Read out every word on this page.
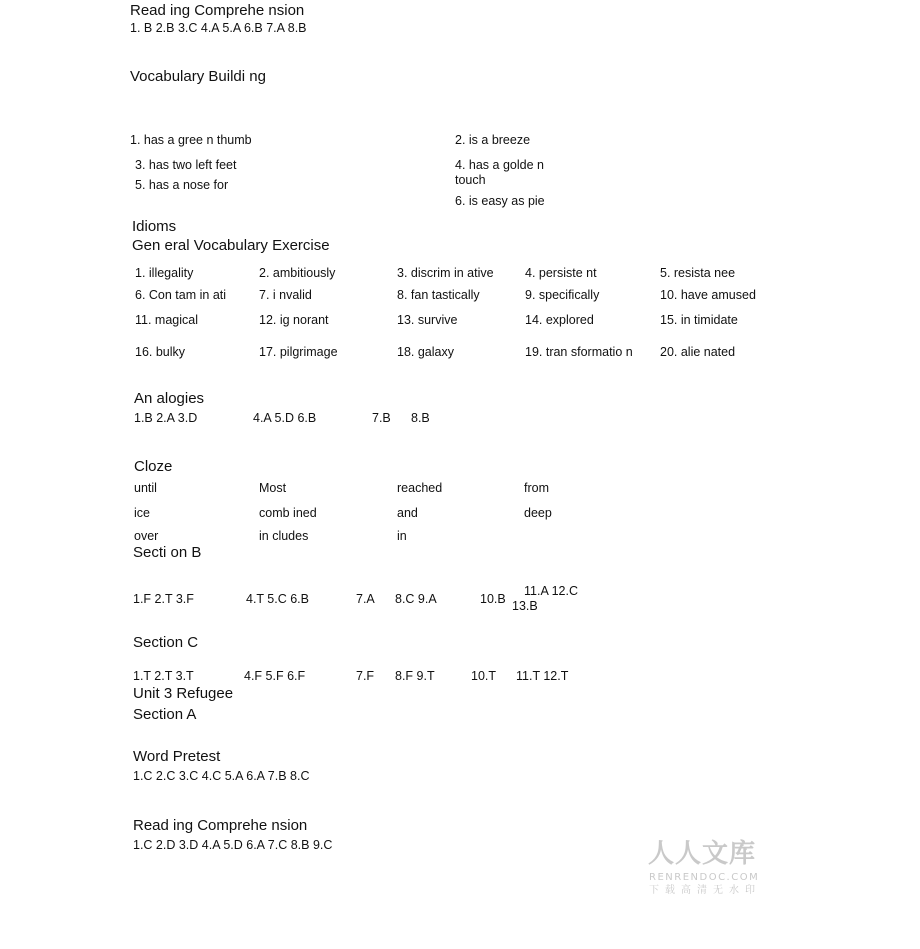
Read ing Comprehe nsion
1. B 2.B 3.C 4.A 5.A 6.B 7.A 8.B
Vocabulary Buildi ng
1. has a gree n thumb	2. is a breeze
3. has two left feet	4. has a golde n
touch
5. has a nose for
6. is easy as pie
Idioms
Gen eral Vocabulary Exercise
1. illegality	2. ambitiously	3. discrim in ative	4. persiste nt	5. resista nee
6. Con tam in ati	7. i nvalid	8. fan tastically	9. specifically	10. have amused
11. magical	12. ig norant	13. survive	14. explored	15. in timidate
16. bulky	17. pilgrimage	18. galaxy	19. tran sformatio n 20. alie nated
An alogies
1.B 2.A 3.D	4.A 5.D 6.B	7.B 8.B
Cloze
until	Most	reached	from
ice	comb ined	and	deep
over	in cludes	in
Secti on B
1.F 2.T 3.F	4.T 5.C 6.B	7.A 8.C 9.A	10.B
11.A 12.C
13.B
Section C
1.T 2.T 3.T	4.F 5.F 6.F	7.F 8.F 9.T	10.T 11.T 12.T
Unit 3 Refugee
Section A
Word Pretest
1.C 2.C 3.C 4.C 5.A 6.A 7.B 8.C
Read ing Comprehe nsion
1.C 2.D 3.D 4.A 5.D 6.A 7.C 8.B 9.C	人人文库
RENRENDOC.COM
下载高清无水印
